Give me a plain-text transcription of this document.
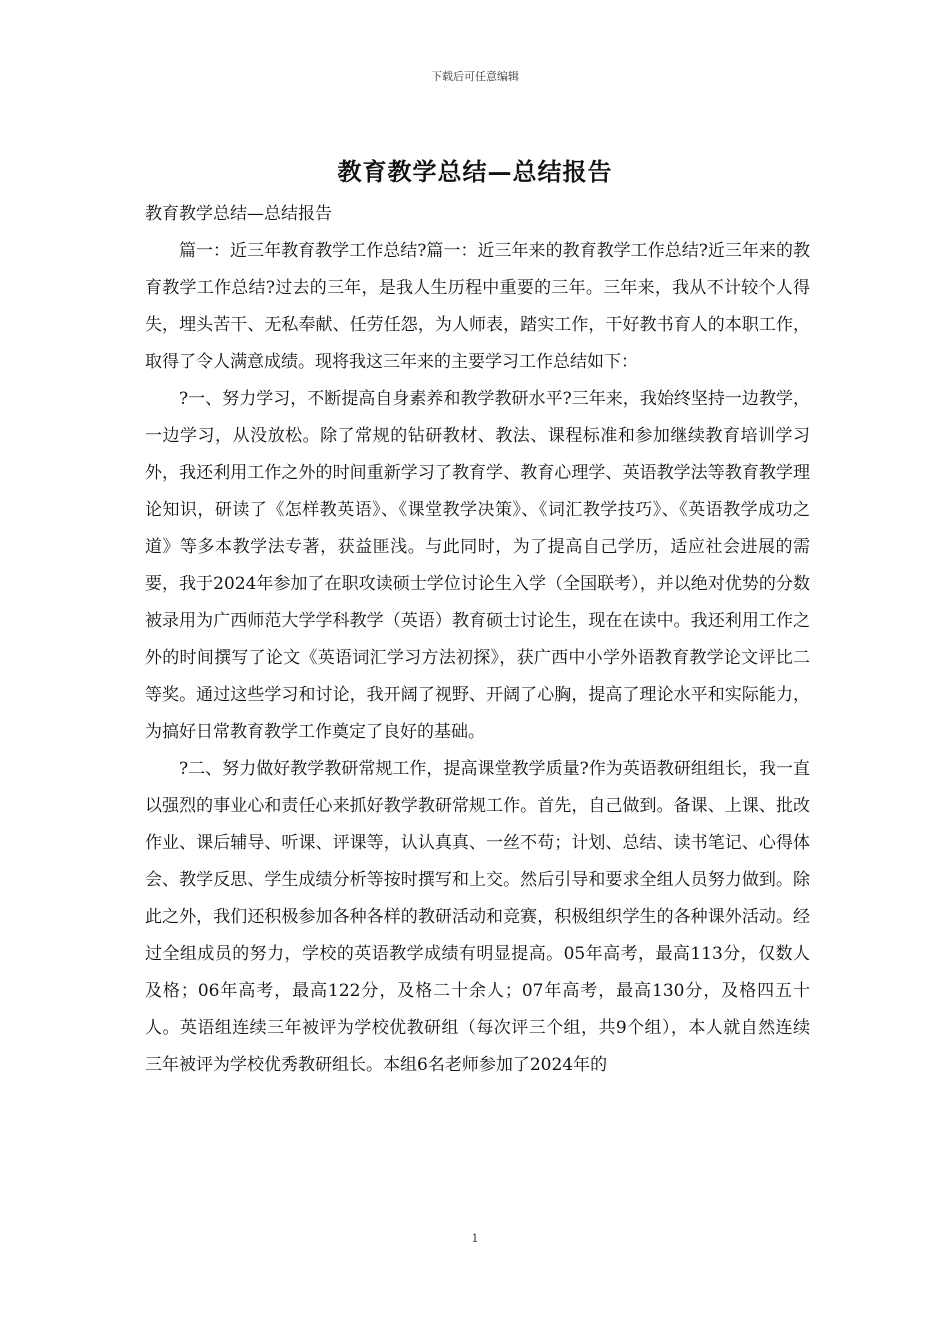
下载后可任意编辑
教育教学总结—总结报告

教育教学总结—总结报告

篇一：近三年教育教学工作总结?篇一：近三年来的教育教学工作总结?近三年来的教育教学工作总结?过去的三年，是我人生历程中重要的三年。三年来，我从不计较个人得失，埋头苦干、无私奉献、任劳任怨，为人师表，踏实工作，干好教书育人的本职工作，取得了令人满意成绩。现将我这三年来的主要学习工作总结如下：

?一、努力学习，不断提高自身素养和教学教研水平?三年来，我始终坚持一边教学，一边学习，从没放松。除了常规的钻研教材、教法、课程标准和参加继续教育培训学习外，我还利用工作之外的时间重新学习了教育学、教育心理学、英语教学法等教育教学理论知识，研读了《怎样教英语》、《课堂教学决策》、《词汇教学技巧》、《英语教学成功之道》等多本教学法专著，获益匪浅。与此同时，为了提高自己学历，适应社会进展的需要，我于2024年参加了在职攻读硕士学位讨论生入学（全国联考），并以绝对优势的分数被录用为广西师范大学学科教学（英语）教育硕士讨论生，现在在读中。我还利用工作之外的时间撰写了论文《英语词汇学习方法初探》，获广西中小学外语教育教学论文评比二等奖。通过这些学习和讨论，我开阔了视野、开阔了心胸，提高了理论水平和实际能力，为搞好日常教育教学工作奠定了良好的基础。

?二、努力做好教学教研常规工作，提高课堂教学质量?作为英语教研组组长，我一直以强烈的事业心和责任心来抓好教学教研常规工作。首先，自己做到。备课、上课、批改作业、课后辅导、听课、评课等，认认真真、一丝不苟；计划、总结、读书笔记、心得体会、教学反思、学生成绩分析等按时撰写和上交。然后引导和要求全组人员努力做到。除此之外，我们还积极参加各种各样的教研活动和竞赛，积极组织学生的各种课外活动。经过全组成员的努力，学校的英语教学成绩有明显提高。05年高考，最高113分，仅数人及格；06年高考，最高122分，及格二十余人；07年高考，最高130分，及格四五十人。英语组连续三年被评为学校优教研组（每次评三个组，共9个组），本人就自然连续三年被评为学校优秀教研组长。本组6名老师参加了2024年的

1
